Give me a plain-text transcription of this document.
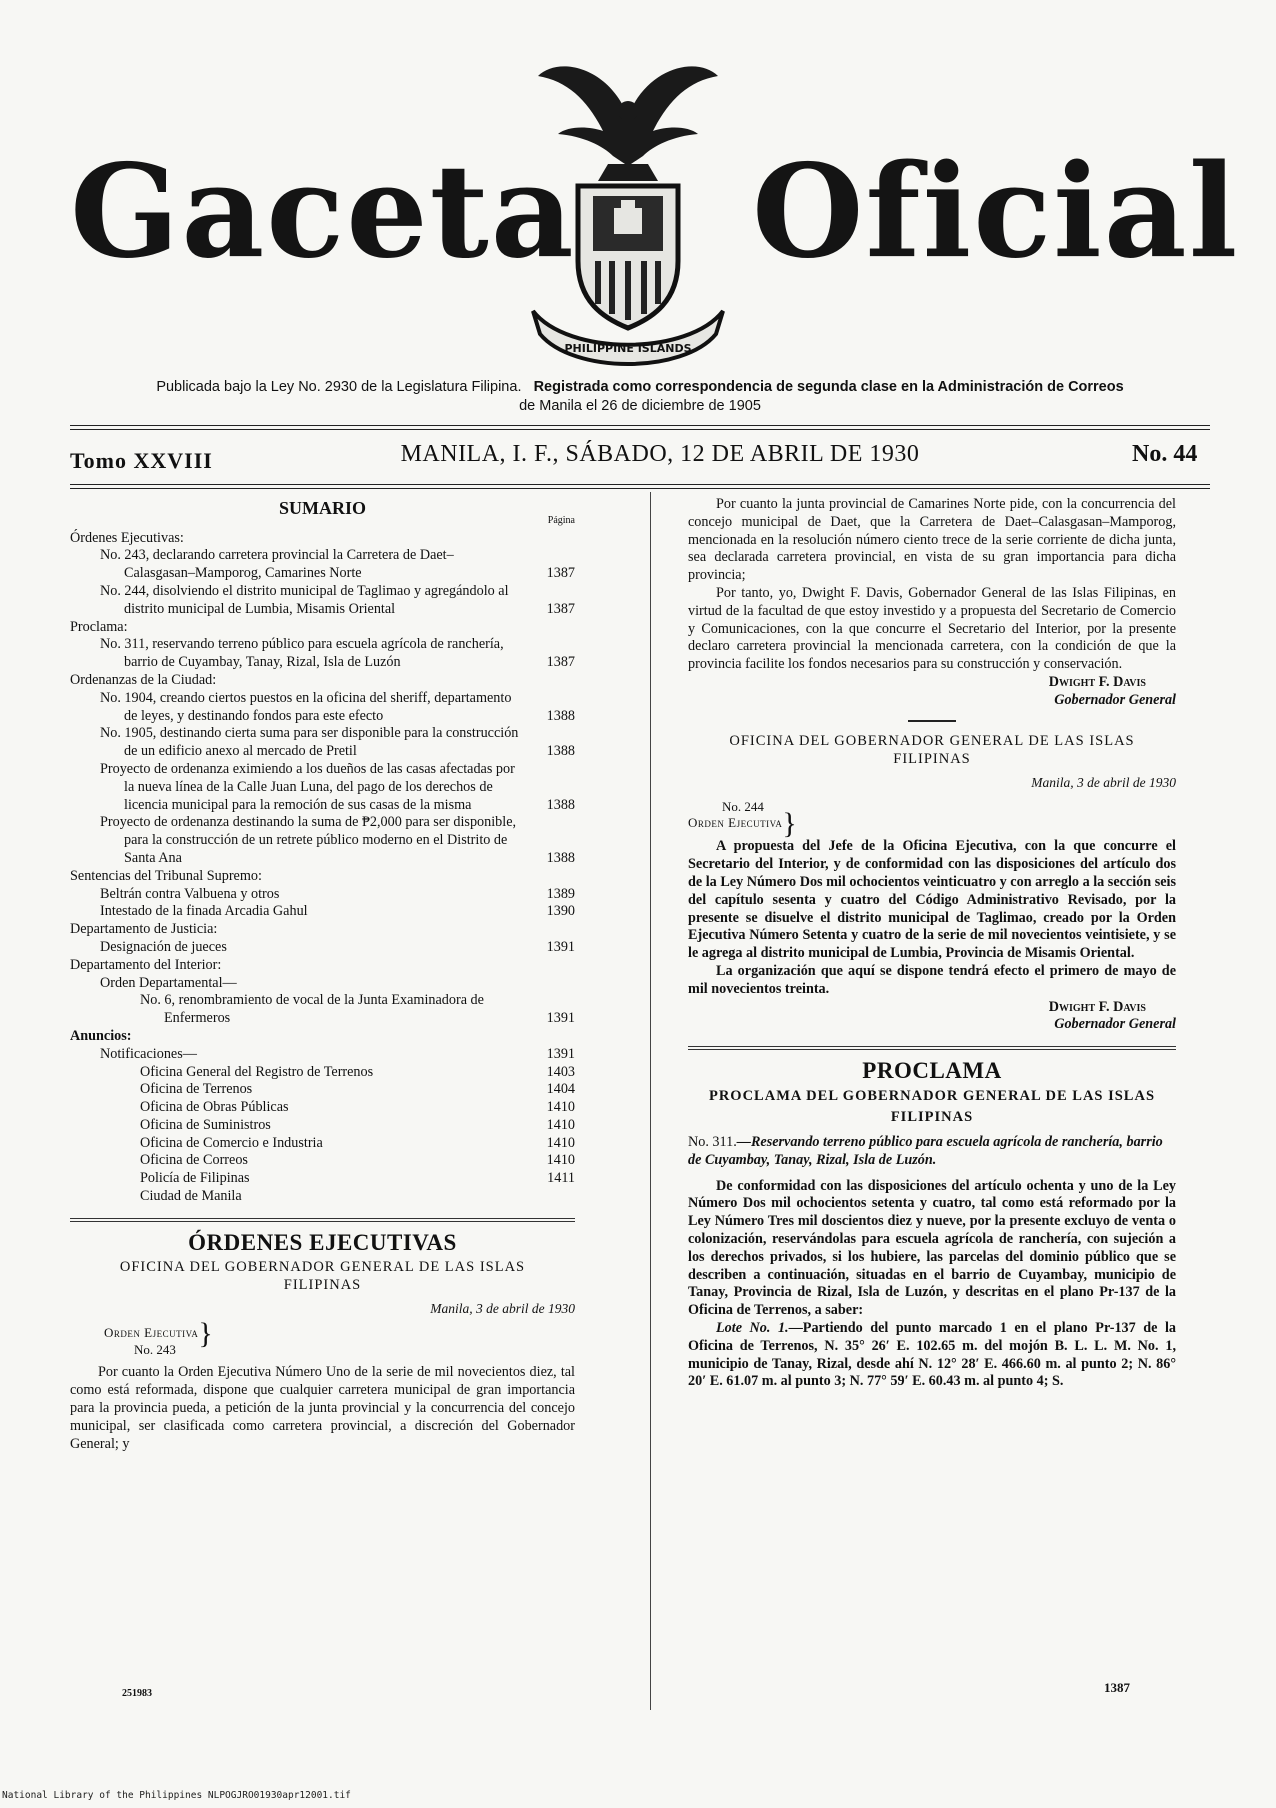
Gaceta
PHILIPPINE ISLANDS
Oficial
Publicada bajo la Ley No. 2930 de la Legislatura Filipina. Registrada como correspondencia de segunda clase en la Administración de Correos
de Manila el 26 de diciembre de 1905
Tomo XXVIII	MANILA, I. F., SÁBADO, 12 DE ABRIL DE 1930	No. 44
SUMARIO
Página
Órdenes Ejecutivas:
No. 243, declarando carretera provincial la Carretera de Daet–Calasgasan–Mamporog, Camarines Norte	1387
No. 244, disolviendo el distrito municipal de Taglimao y agregándolo al distrito municipal de Lumbia, Misamis Oriental	1387
Proclama:
No. 311, reservando terreno público para escuela agrícola de ranchería, barrio de Cuyambay, Tanay, Rizal, Isla de Luzón	1387
Ordenanzas de la Ciudad:
No. 1904, creando ciertos puestos en la oficina del sheriff, departamento de leyes, y destinando fondos para este efecto	1388
No. 1905, destinando cierta suma para ser disponible para la construcción de un edificio anexo al mercado de Pretil	1388
Proyecto de ordenanza eximiendo a los dueños de las casas afectadas por la nueva línea de la Calle Juan Luna, del pago de los derechos de licencia municipal para la remoción de sus casas de la misma	1388
Proyecto de ordenanza destinando la suma de ₱2,000 para ser disponible, para la construcción de un retrete público moderno en el Distrito de Santa Ana	1388
Sentencias del Tribunal Supremo:
Beltrán contra Valbuena y otros	1389
Intestado de la finada Arcadia Gahul	1390
Departamento de Justicia:
Designación de jueces	1391
Departamento del Interior:
Orden Departamental—
No. 6, renombramiento de vocal de la Junta Examinadora de Enfermeros	1391
Anuncios:
Notificaciones—	1391
Oficina General del Registro de Terrenos	1403
Oficina de Terrenos	1404
Oficina de Obras Públicas	1410
Oficina de Suministros	1410
Oficina de Comercio e Industria	1410
Oficina de Correos	1410
Policía de Filipinas	1411
Ciudad de Manila
ÓRDENES EJECUTIVAS
OFICINA DEL GOBERNADOR GENERAL DE LAS ISLAS FILIPINAS
Manila, 3 de abril de 1930
Orden Ejecutiva}
No. 243

Por cuanto la Orden Ejecutiva Número Uno de la serie de mil novecientos diez, tal como está reformada, dispone que cualquier carretera municipal de gran importancia para la provincia pueda, a petición de la junta provincial y la concurrencia del concejo municipal, ser clasificada como carretera provincial, a discreción del Gobernador General; y

Por cuanto la junta provincial de Camarines Norte pide, con la concurrencia del concejo municipal de Daet, que la Carretera de Daet–Calasgasan–Mamporog, mencionada en la resolución número ciento trece de la serie corriente de dicha junta, sea declarada carretera provincial, en vista de su gran importancia para dicha provincia;

Por tanto, yo, Dwight F. Davis, Gobernador General de las Islas Filipinas, en virtud de la facultad de que estoy investido y a propuesta del Secretario de Comercio y Comunicaciones, con la que concurre el Secretario del Interior, por la presente declaro carretera provincial la mencionada carretera, con la condición de que la provincia facilite los fondos necesarios para su construcción y conservación.

Dwight F. Davis
Gobernador General
OFICINA DEL GOBERNADOR GENERAL DE LAS ISLAS FILIPINAS
Manila, 3 de abril de 1930
No. 244
Orden Ejecutiva}

A propuesta del Jefe de la Oficina Ejecutiva, con la que concurre el Secretario del Interior, y de conformidad con las disposiciones del artículo dos de la Ley Número Dos mil ochocientos veinticuatro y con arreglo a la sección seis del capítulo sesenta y cuatro del Código Administrativo Revisado, por la presente se disuelve el distrito municipal de Taglimao, creado por la Orden Ejecutiva Número Setenta y cuatro de la serie de mil novecientos veintisiete, y se le agrega al distrito municipal de Lumbia, Provincia de Misamis Oriental.

La organización que aquí se dispone tendrá efecto el primero de mayo de mil novecientos treinta.

Dwight F. Davis
Gobernador General
PROCLAMA
PROCLAMA DEL GOBERNADOR GENERAL DE LAS ISLAS FILIPINAS
No. 311.—Reservando terreno público para escuela agrícola de ranchería, barrio de Cuyambay, Tanay, Rizal, Isla de Luzón.

De conformidad con las disposiciones del artículo ochenta y uno de la Ley Número Dos mil ochocientos setenta y cuatro, tal como está reformado por la Ley Número Tres mil doscientos diez y nueve, por la presente excluyo de venta o colonización, reservándolas para escuela agrícola de ranchería, con sujeción a los derechos privados, si los hubiere, las parcelas del dominio público que se describen a continuación, situadas en el barrio de Cuyambay, municipio de Tanay, Provincia de Rizal, Isla de Luzón, y descritas en el plano Pr-137 de la Oficina de Terrenos, a saber:

Lote No. 1.—Partiendo del punto marcado 1 en el plano Pr-137 de la Oficina de Terrenos, N. 35° 26′ E. 102.65 m. del mojón B. L. L. M. No. 1, municipio de Tanay, Rizal, desde ahí N. 12° 28′ E. 466.60 m. al punto 2; N. 86° 20′ E. 61.07 m. al punto 3; N. 77° 59′ E. 60.43 m. al punto 4; S.

1387
251983
National Library of the Philippines NLPOGJRO01930apr12001.tif
